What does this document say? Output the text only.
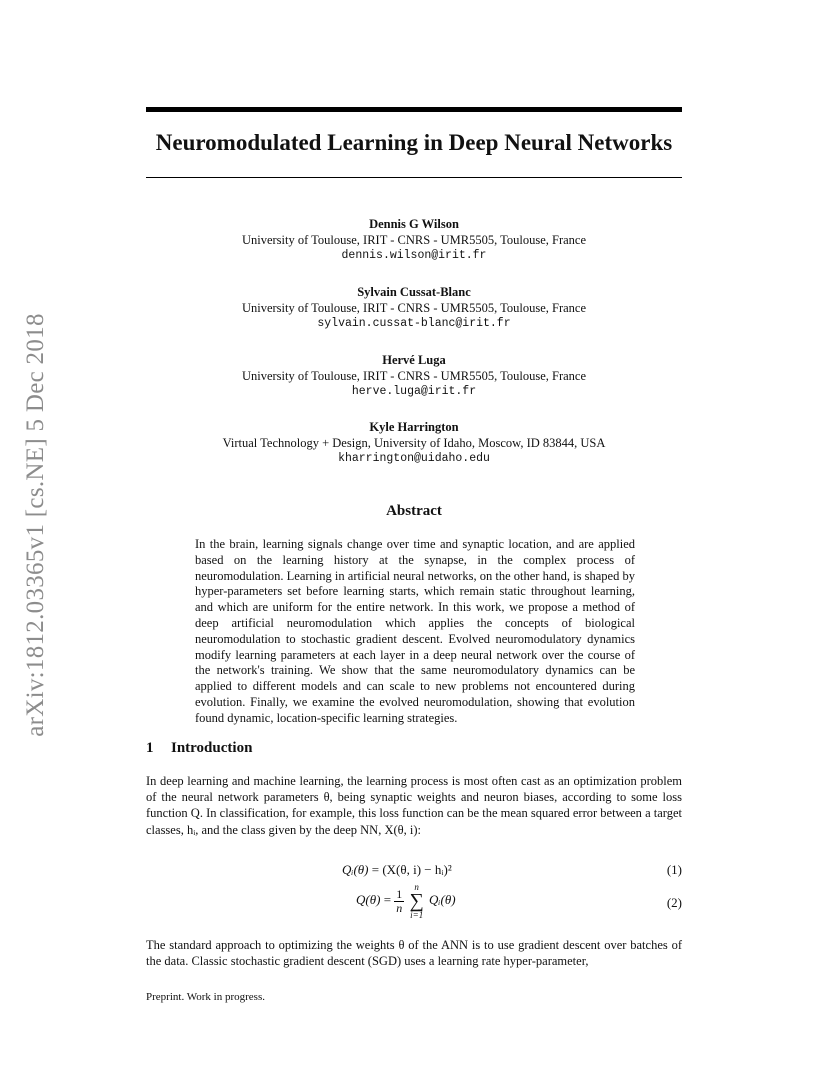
arXiv:1812.03365v1 [cs.NE] 5 Dec 2018
Neuromodulated Learning in Deep Neural Networks
Dennis G Wilson
University of Toulouse, IRIT - CNRS - UMR5505, Toulouse, France
dennis.wilson@irit.fr
Sylvain Cussat-Blanc
University of Toulouse, IRIT - CNRS - UMR5505, Toulouse, France
sylvain.cussat-blanc@irit.fr
Hervé Luga
University of Toulouse, IRIT - CNRS - UMR5505, Toulouse, France
herve.luga@irit.fr
Kyle Harrington
Virtual Technology + Design, University of Idaho, Moscow, ID 83844, USA
kharrington@uidaho.edu
Abstract

In the brain, learning signals change over time and synaptic location, and are applied based on the learning history at the synapse, in the complex process of neuromodulation. Learning in artificial neural networks, on the other hand, is shaped by hyper-parameters set before learning starts, which remain static throughout learning, and which are uniform for the entire network. In this work, we propose a method of deep artificial neuromodulation which applies the concepts of biological neuromodulation to stochastic gradient descent. Evolved neuromodulatory dynamics modify learning parameters at each layer in a deep neural network over the course of the network's training. We show that the same neuromodulatory dynamics can be applied to different models and can scale to new problems not encountered during evolution. Finally, we examine the evolved neuromodulation, showing that evolution found dynamic, location-specific learning strategies.

1 Introduction

In deep learning and machine learning, the learning process is most often cast as an optimization problem of the neural network parameters θ, being synaptic weights and neuron biases, according to some loss function Q. In classification, for example, this loss function can be the mean squared error between a target classes, hᵢ, and the class given by the deep NN, X(θ, i):

Qᵢ(θ) = (X(θ, i) − hᵢ)²	(1)
$Q(\theta) = \frac{1}{n}$

n
∑
i=1
Qᵢ(θ)	(2)

The standard approach to optimizing the weights θ of the ANN is to use gradient descent over batches of the data. Classic stochastic gradient descent (SGD) uses a learning rate hyper-parameter,

Preprint. Work in progress.
